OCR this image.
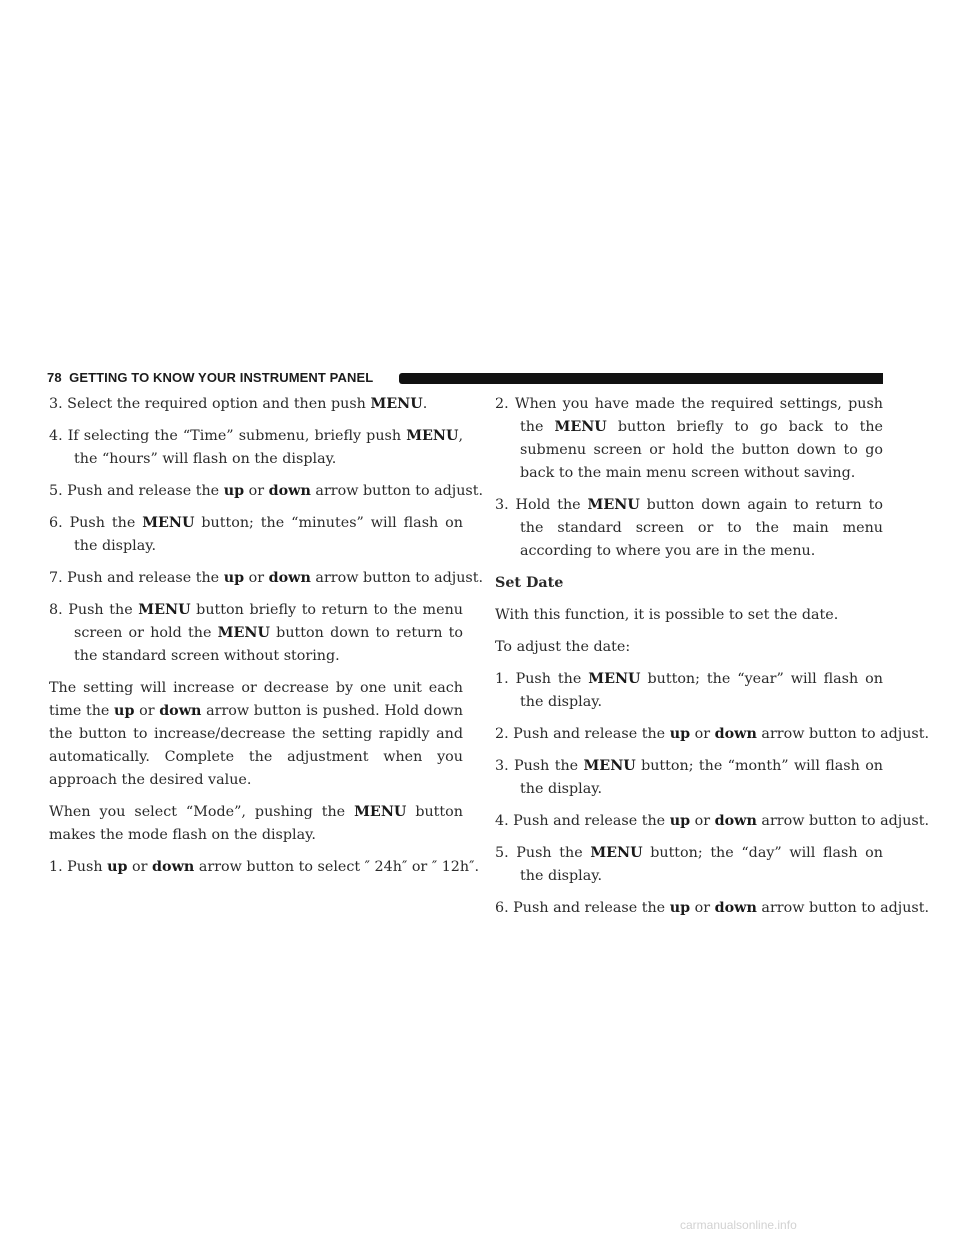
78 GETTING TO KNOW YOUR INSTRUMENT PANEL

3. Select the required option and then push MENU.

4. If selecting the “Time” submenu, briefly push MENU, the “hours” will flash on the display.

5. Push and release the up or down arrow button to adjust.

6. Push the MENU button; the “minutes” will flash on the display.

7. Push and release the up or down arrow button to adjust.

8. Push the MENU button briefly to return to the menu screen or hold the MENU button down to return to the standard screen without storing.

The setting will increase or decrease by one unit each time the up or down arrow button is pushed. Hold down the button to increase/decrease the setting rapidly and automatically. Complete the adjustment when you approach the desired value.

When you select “Mode”, pushing the MENU button makes the mode flash on the display.

1. Push up or down arrow button to select ″ 24h″ or ″ 12h″.

2. When you have made the required settings, push the MENU button briefly to go back to the submenu screen or hold the button down to go back to the main menu screen without saving.

3. Hold the MENU button down again to return to the standard screen or to the main menu according to where you are in the menu.

Set Date

With this function, it is possible to set the date.

To adjust the date:

1. Push the MENU button; the “year” will flash on the display.

2. Push and release the up or down arrow button to adjust.

3. Push the MENU button; the “month” will flash on the display.

4. Push and release the up or down arrow button to adjust.

5. Push the MENU button; the “day” will flash on the display.

6. Push and release the up or down arrow button to adjust.

carmanualsonline.info
